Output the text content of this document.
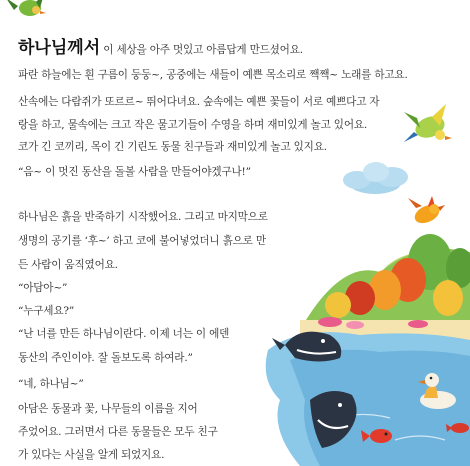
하나님께서 이 세상을 아주 멋있고 아름답게 만드셨어요.
파란 하늘에는 흰 구름이 둥둥~, 공중에는 새들이 예쁜 목소리로 짹짹~ 노래를 하고요.
산속에는 다람쥐가 또르르~ 뛰어다녀요. 숲속에는 예쁜 꽃들이 서로 예쁘다고 자
랑을 하고, 물속에는 크고 작은 물고기들이 수영을 하며 재미있게 놀고 있어요.
코가 긴 코끼리, 목이 긴 기린도 동물 친구들과 재미있게 놀고 있지요.
“음~ 이 멋진 동산을 돌볼 사람을 만들어야겠구나!”
하나님은 흙을 반죽하기 시작했어요. 그리고 마지막으로
생명의 공기를 ‘후~’ 하고 코에 불어넣었더니 흙으로 만
든 사람이 움직였어요.
“아담아~”
“누구세요?”
“난 너를 만든 하나님이란다. 이제 너는 이 에덴
동산의 주인이야. 잘 돌보도록 하여라.”
“네, 하나님~”
아담은 동물과 꽃, 나무들의 이름을 지어
주었어요. 그러면서 다른 동물들은 모두 친구
가 있다는 사실을 알게 되었지요.
